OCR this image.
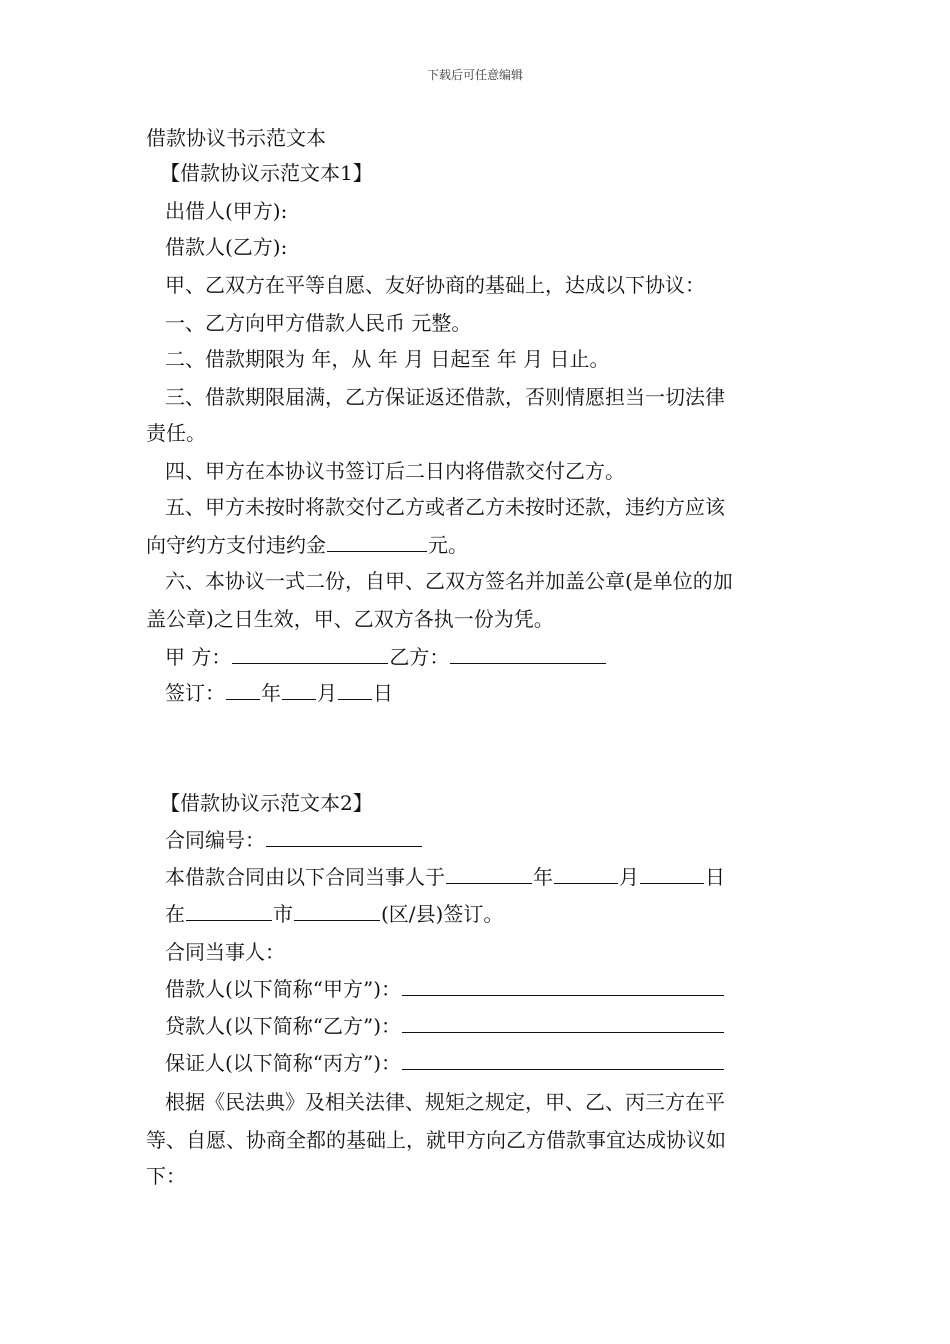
下载后可任意编辑
借款协议书示范文本
【借款协议示范文本1】
出借人(甲方):
借款人(乙方):
甲、乙双方在平等自愿、友好协商的基础上，达成以下协议：
一、乙方向甲方借款人民币 元整。
二、借款期限为 年，从 年 月 日起至 年 月 日止。
三、借款期限届满，乙方保证返还借款，否则情愿担当一切法律
责任。
四、甲方在本协议书签订后二日内将借款交付乙方。
五、甲方未按时将款交付乙方或者乙方未按时还款，违约方应该
向守约方支付违约金	元。
六、本协议一式二份，自甲、乙双方签名并加盖公章(是单位的加
盖公章)之日生效，甲、乙双方各执一份为凭。
甲 方：	乙方：
签订： 年 月 日
【借款协议示范文本2】
合同编号：
本借款合同由以下合同当事人于	年	月	日
在	市	(区/县)签订。
合同当事人：
借款人(以下简称“甲方”)：
贷款人(以下简称“乙方”)：
保证人(以下简称“丙方”)：
根据《民法典》及相关法律、规矩之规定，甲、乙、丙三方在平
等、自愿、协商全都的基础上，就甲方向乙方借款事宜达成协议如
下：
